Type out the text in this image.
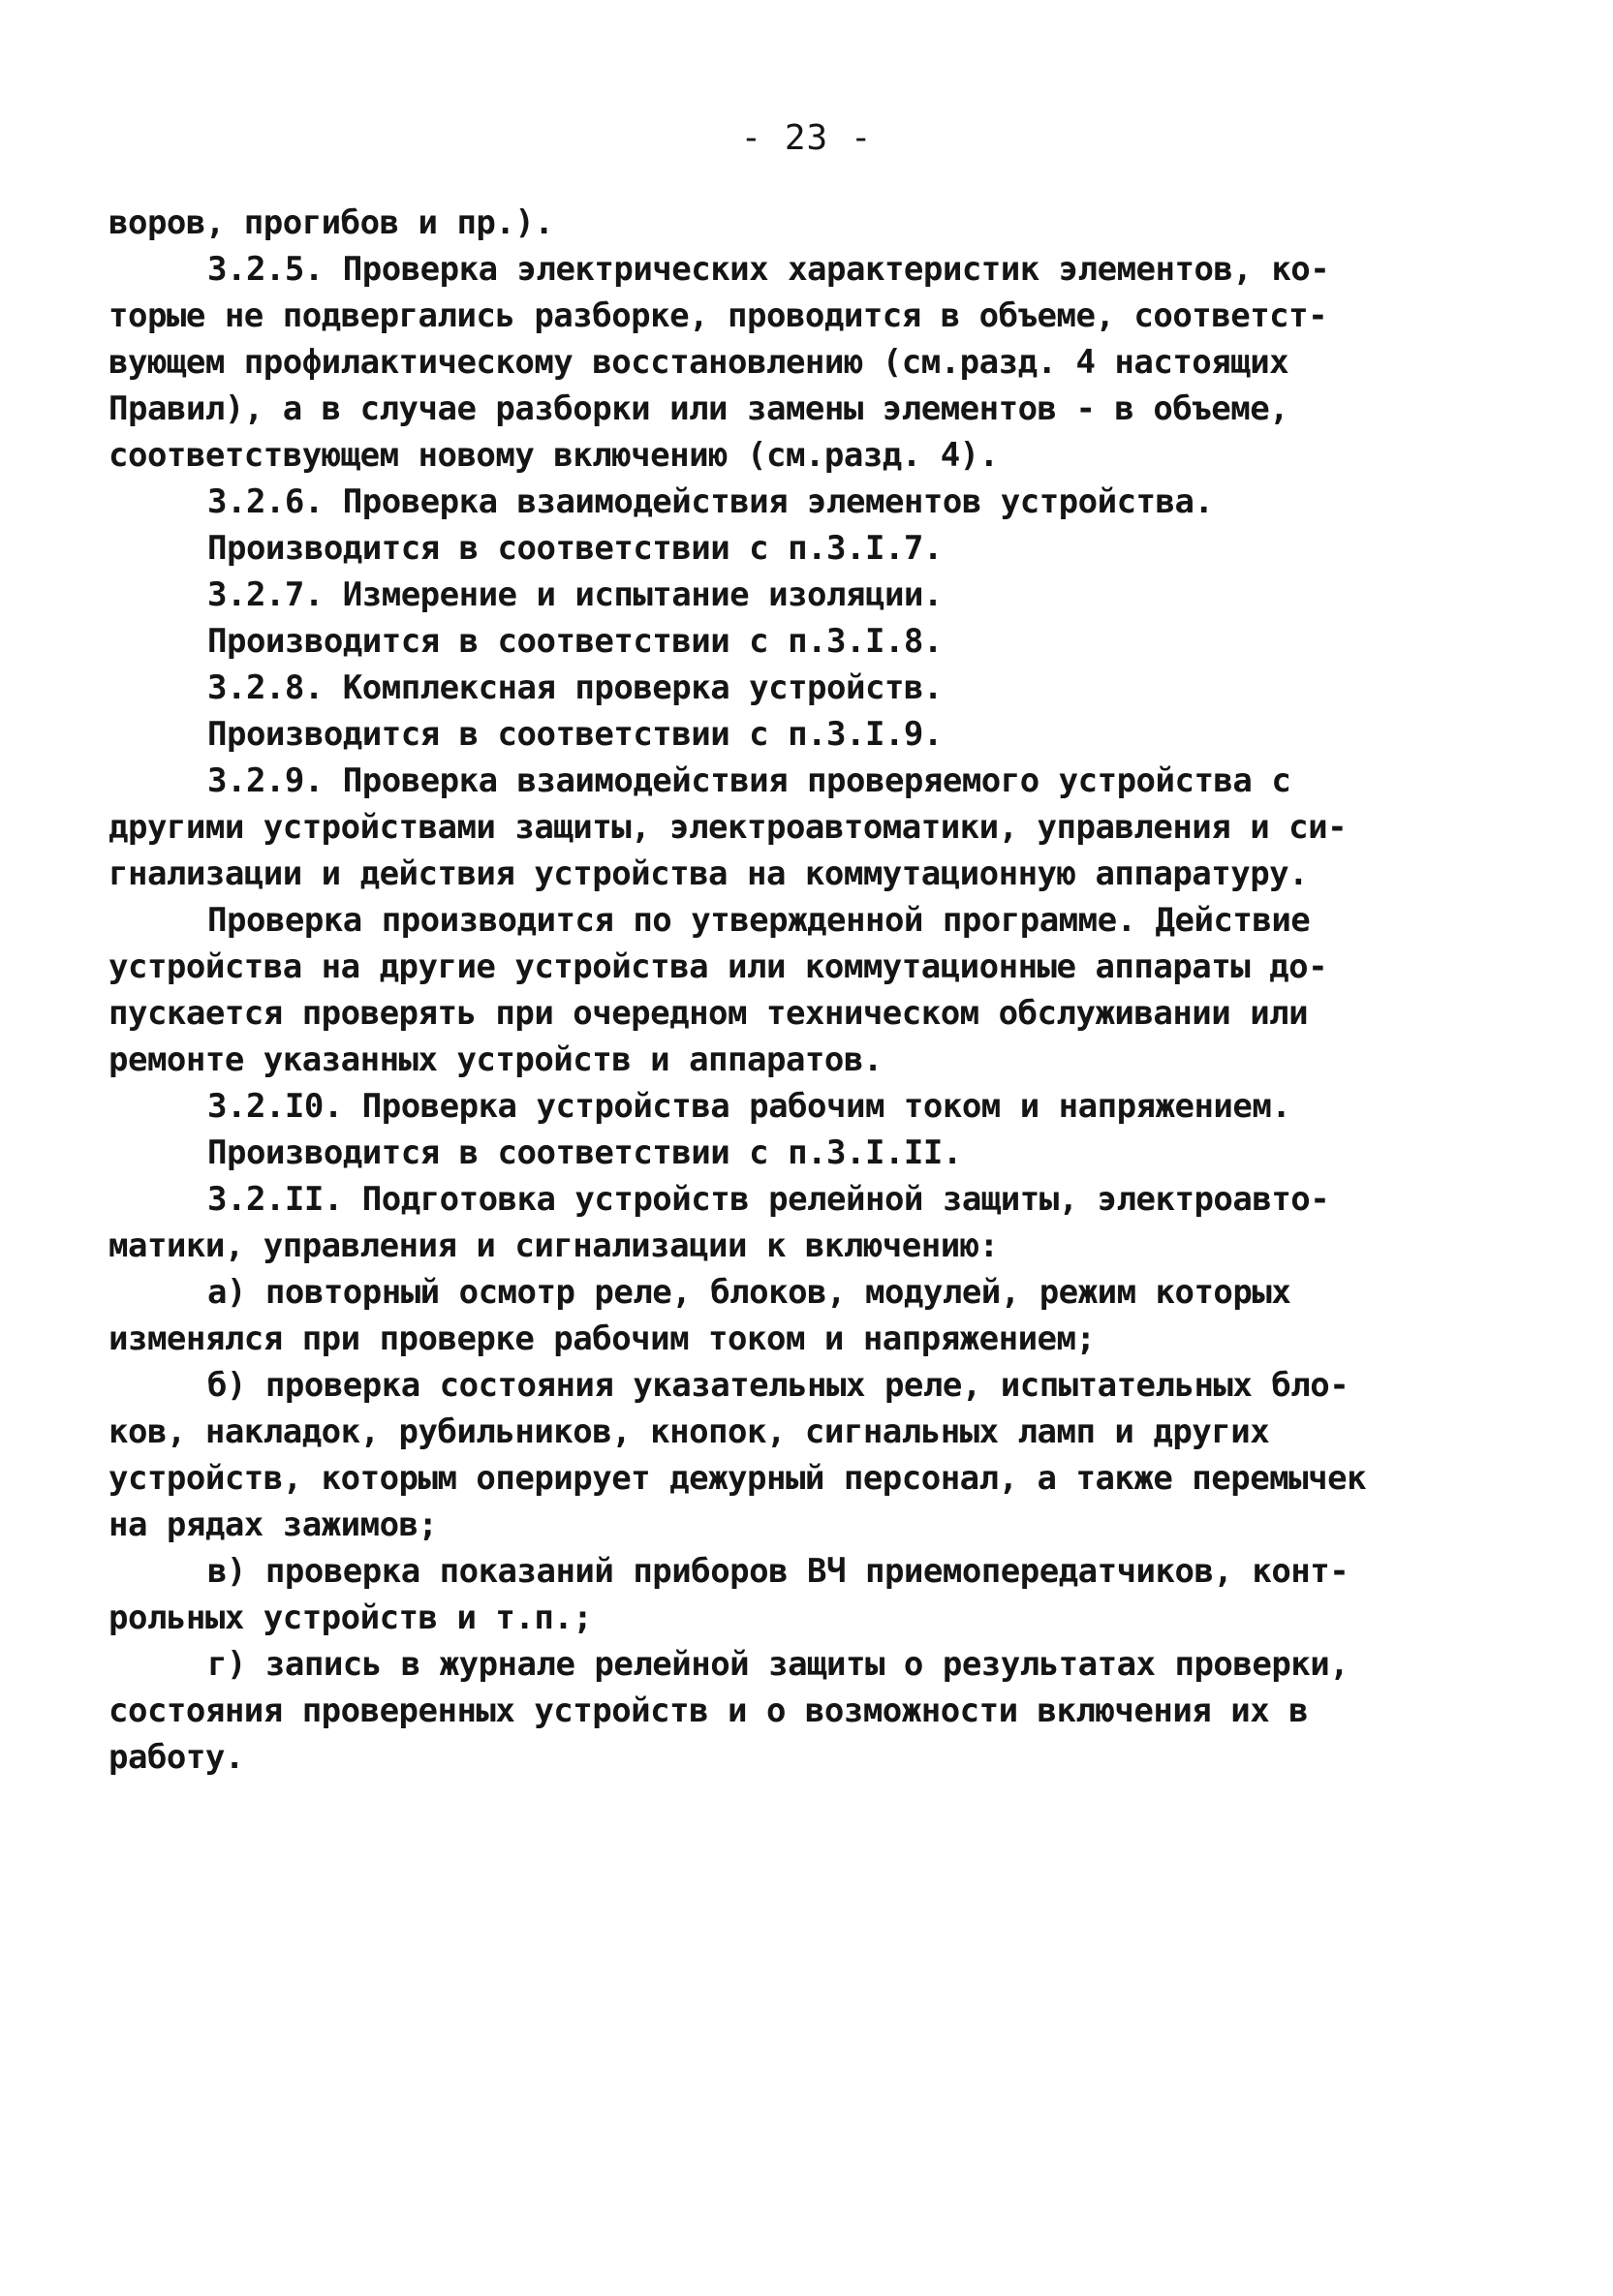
- 23 -
воров, прогибов и пр.).
3.2.5. Проверка электрических характеристик элементов, ко-
торые не подвергались разборке, проводится в объеме, соответст-
вующем профилактическому восстановлению (см.разд. 4 настоящих
Правил), а в случае разборки или замены элементов - в объеме,
соответствующем новому включению (см.разд. 4).
3.2.6. Проверка взаимодействия элементов устройства.
Производится в соответствии с п.3.I.7.
3.2.7. Измерение и испытание изоляции.
Производится в соответствии с п.3.I.8.
3.2.8. Комплексная проверка устройств.
Производится в соответствии с п.3.I.9.
3.2.9. Проверка взаимодействия проверяемого устройства с
другими устройствами защиты, электроавтоматики, управления и си-
гнализации и действия устройства на коммутационную аппаратуру.
Проверка производится по утвержденной программе. Действие
устройства на другие устройства или коммутационные аппараты до-
пускается проверять при очередном техническом обслуживании или
ремонте указанных устройств и аппаратов.
3.2.I0. Проверка устройства рабочим током и напряжением.
Производится в соответствии с п.3.I.II.
3.2.II. Подготовка устройств релейной защиты, электроавто-
матики, управления и сигнализации к включению:
а) повторный осмотр реле, блоков, модулей, режим которых
изменялся при проверке рабочим током и напряжением;
б) проверка состояния указательных реле, испытательных бло-
ков, накладок, рубильников, кнопок, сигнальных ламп и других
устройств, которым оперирует дежурный персонал, а также перемычек
на рядах зажимов;
в) проверка показаний приборов ВЧ приемопередатчиков, конт-
рольных устройств и т.п.;
г) запись в журнале релейной защиты о результатах проверки,
состояния проверенных устройств и о возможности включения их в
работу.
